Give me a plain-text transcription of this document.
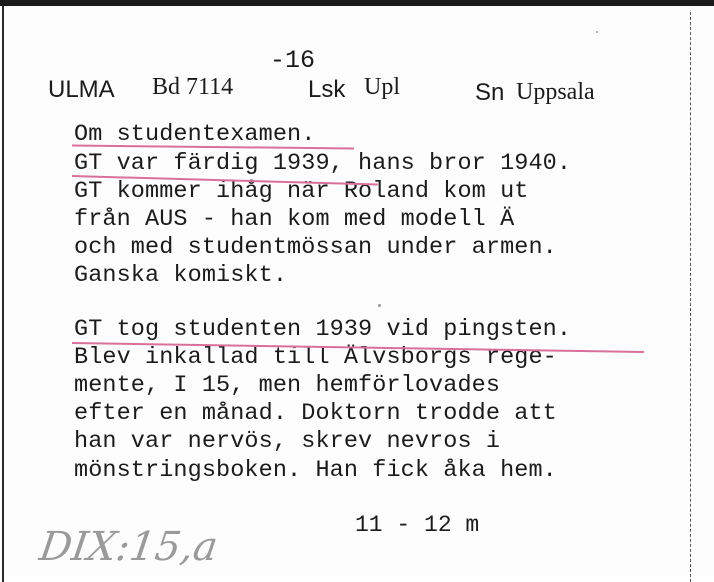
-16
ULMA Bd 7114	Lsk Upl	Sn Uppsala
Om studentexamen.
GT var färdig 1939, hans bror 1940.
GT kommer ihåg när Roland kom ut
från AUS - han kom med modell Ä
och med studentmössan under armen.
Ganska komiskt.
GT tog studenten 1939 vid pingsten.
Blev inkallad till Älvsborgs rege-
mente, I 15, men hemförlovades
efter en månad. Doktorn trodde att
han var nervös, skrev nevros i
mönstringsboken. Han fick åka hem.
11 - 12 m
DIX:15,a
